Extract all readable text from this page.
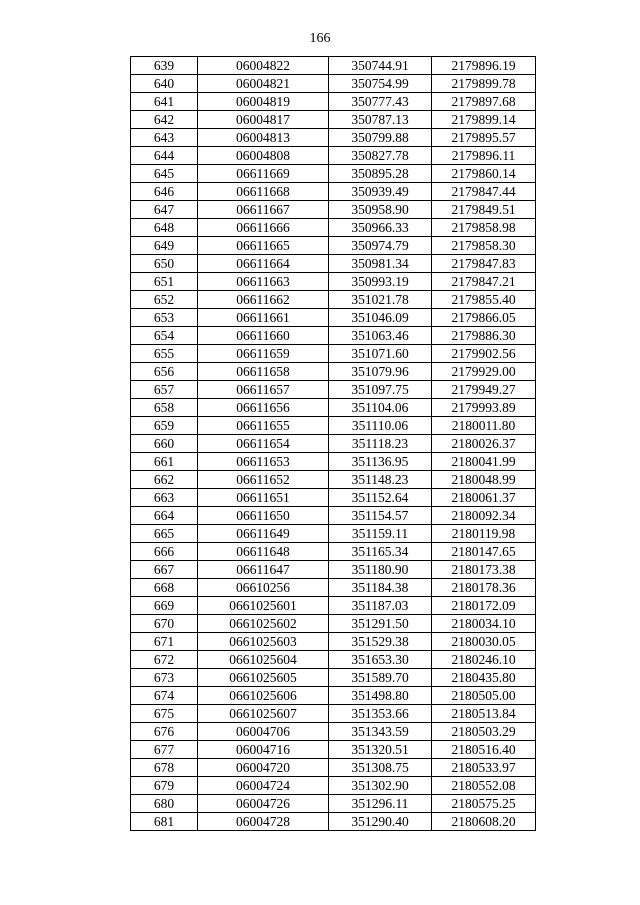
166
639	06004822	350744.91	2179896.19
640	06004821	350754.99	2179899.78
641	06004819	350777.43	2179897.68
642	06004817	350787.13	2179899.14
643	06004813	350799.88	2179895.57
644	06004808	350827.78	2179896.11
645	06611669	350895.28	2179860.14
646	06611668	350939.49	2179847.44
647	06611667	350958.90	2179849.51
648	06611666	350966.33	2179858.98
649	06611665	350974.79	2179858.30
650	06611664	350981.34	2179847.83
651	06611663	350993.19	2179847.21
652	06611662	351021.78	2179855.40
653	06611661	351046.09	2179866.05
654	06611660	351063.46	2179886.30
655	06611659	351071.60	2179902.56
656	06611658	351079.96	2179929.00
657	06611657	351097.75	2179949.27
658	06611656	351104.06	2179993.89
659	06611655	351110.06	2180011.80
660	06611654	351118.23	2180026.37
661	06611653	351136.95	2180041.99
662	06611652	351148.23	2180048.99
663	06611651	351152.64	2180061.37
664	06611650	351154.57	2180092.34
665	06611649	351159.11	2180119.98
666	06611648	351165.34	2180147.65
667	06611647	351180.90	2180173.38
668	06610256	351184.38	2180178.36
669	0661025601	351187.03	2180172.09
670	0661025602	351291.50	2180034.10
671	0661025603	351529.38	2180030.05
672	0661025604	351653.30	2180246.10
673	0661025605	351589.70	2180435.80
674	0661025606	351498.80	2180505.00
675	0661025607	351353.66	2180513.84
676	06004706	351343.59	2180503.29
677	06004716	351320.51	2180516.40
678	06004720	351308.75	2180533.97
679	06004724	351302.90	2180552.08
680	06004726	351296.11	2180575.25
681	06004728	351290.40	2180608.20
